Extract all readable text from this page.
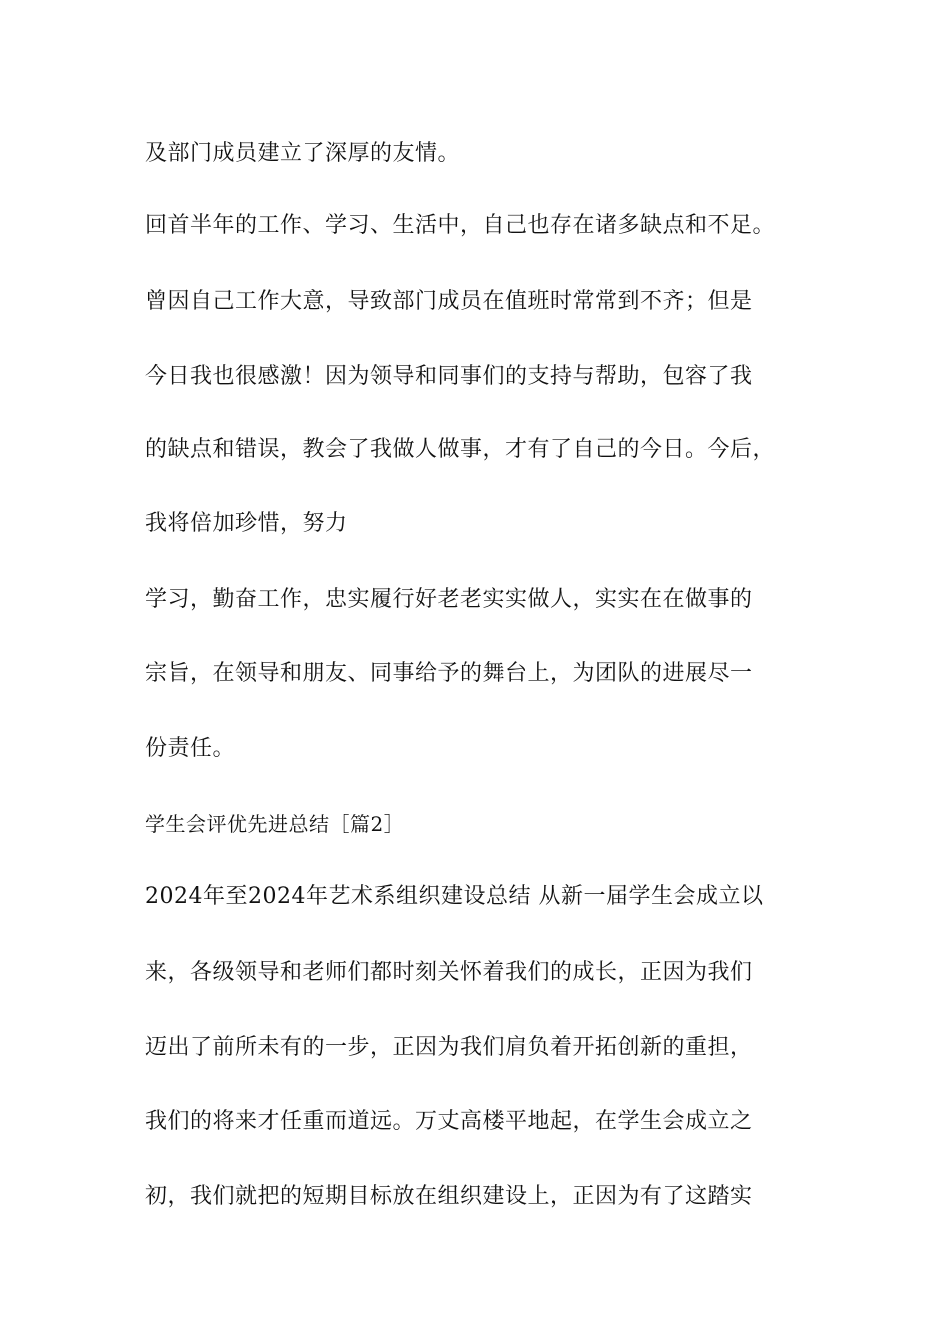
及部门成员建立了深厚的友情。
回首半年的工作、学习、生活中，自己也存在诸多缺点和不足。
曾因自己工作大意，导致部门成员在值班时常常到不齐；但是
今日我也很感激！因为领导和同事们的支持与帮助，包容了我
的缺点和错误，教会了我做人做事，才有了自己的今日。今后，
我将倍加珍惜，努力
学习，勤奋工作，忠实履行好老老实实做人，实实在在做事的
宗旨，在领导和朋友、同事给予的舞台上，为团队的进展尽一
份责任。
学生会评优先进总结［篇2］
2024年至2024年艺术系组织建设总结 从新一届学生会成立以
来，各级领导和老师们都时刻关怀着我们的成长，正因为我们
迈出了前所未有的一步，正因为我们肩负着开拓创新的重担，
我们的将来才任重而道远。万丈高楼平地起，在学生会成立之
初，我们就把的短期目标放在组织建设上，正因为有了这踏实
